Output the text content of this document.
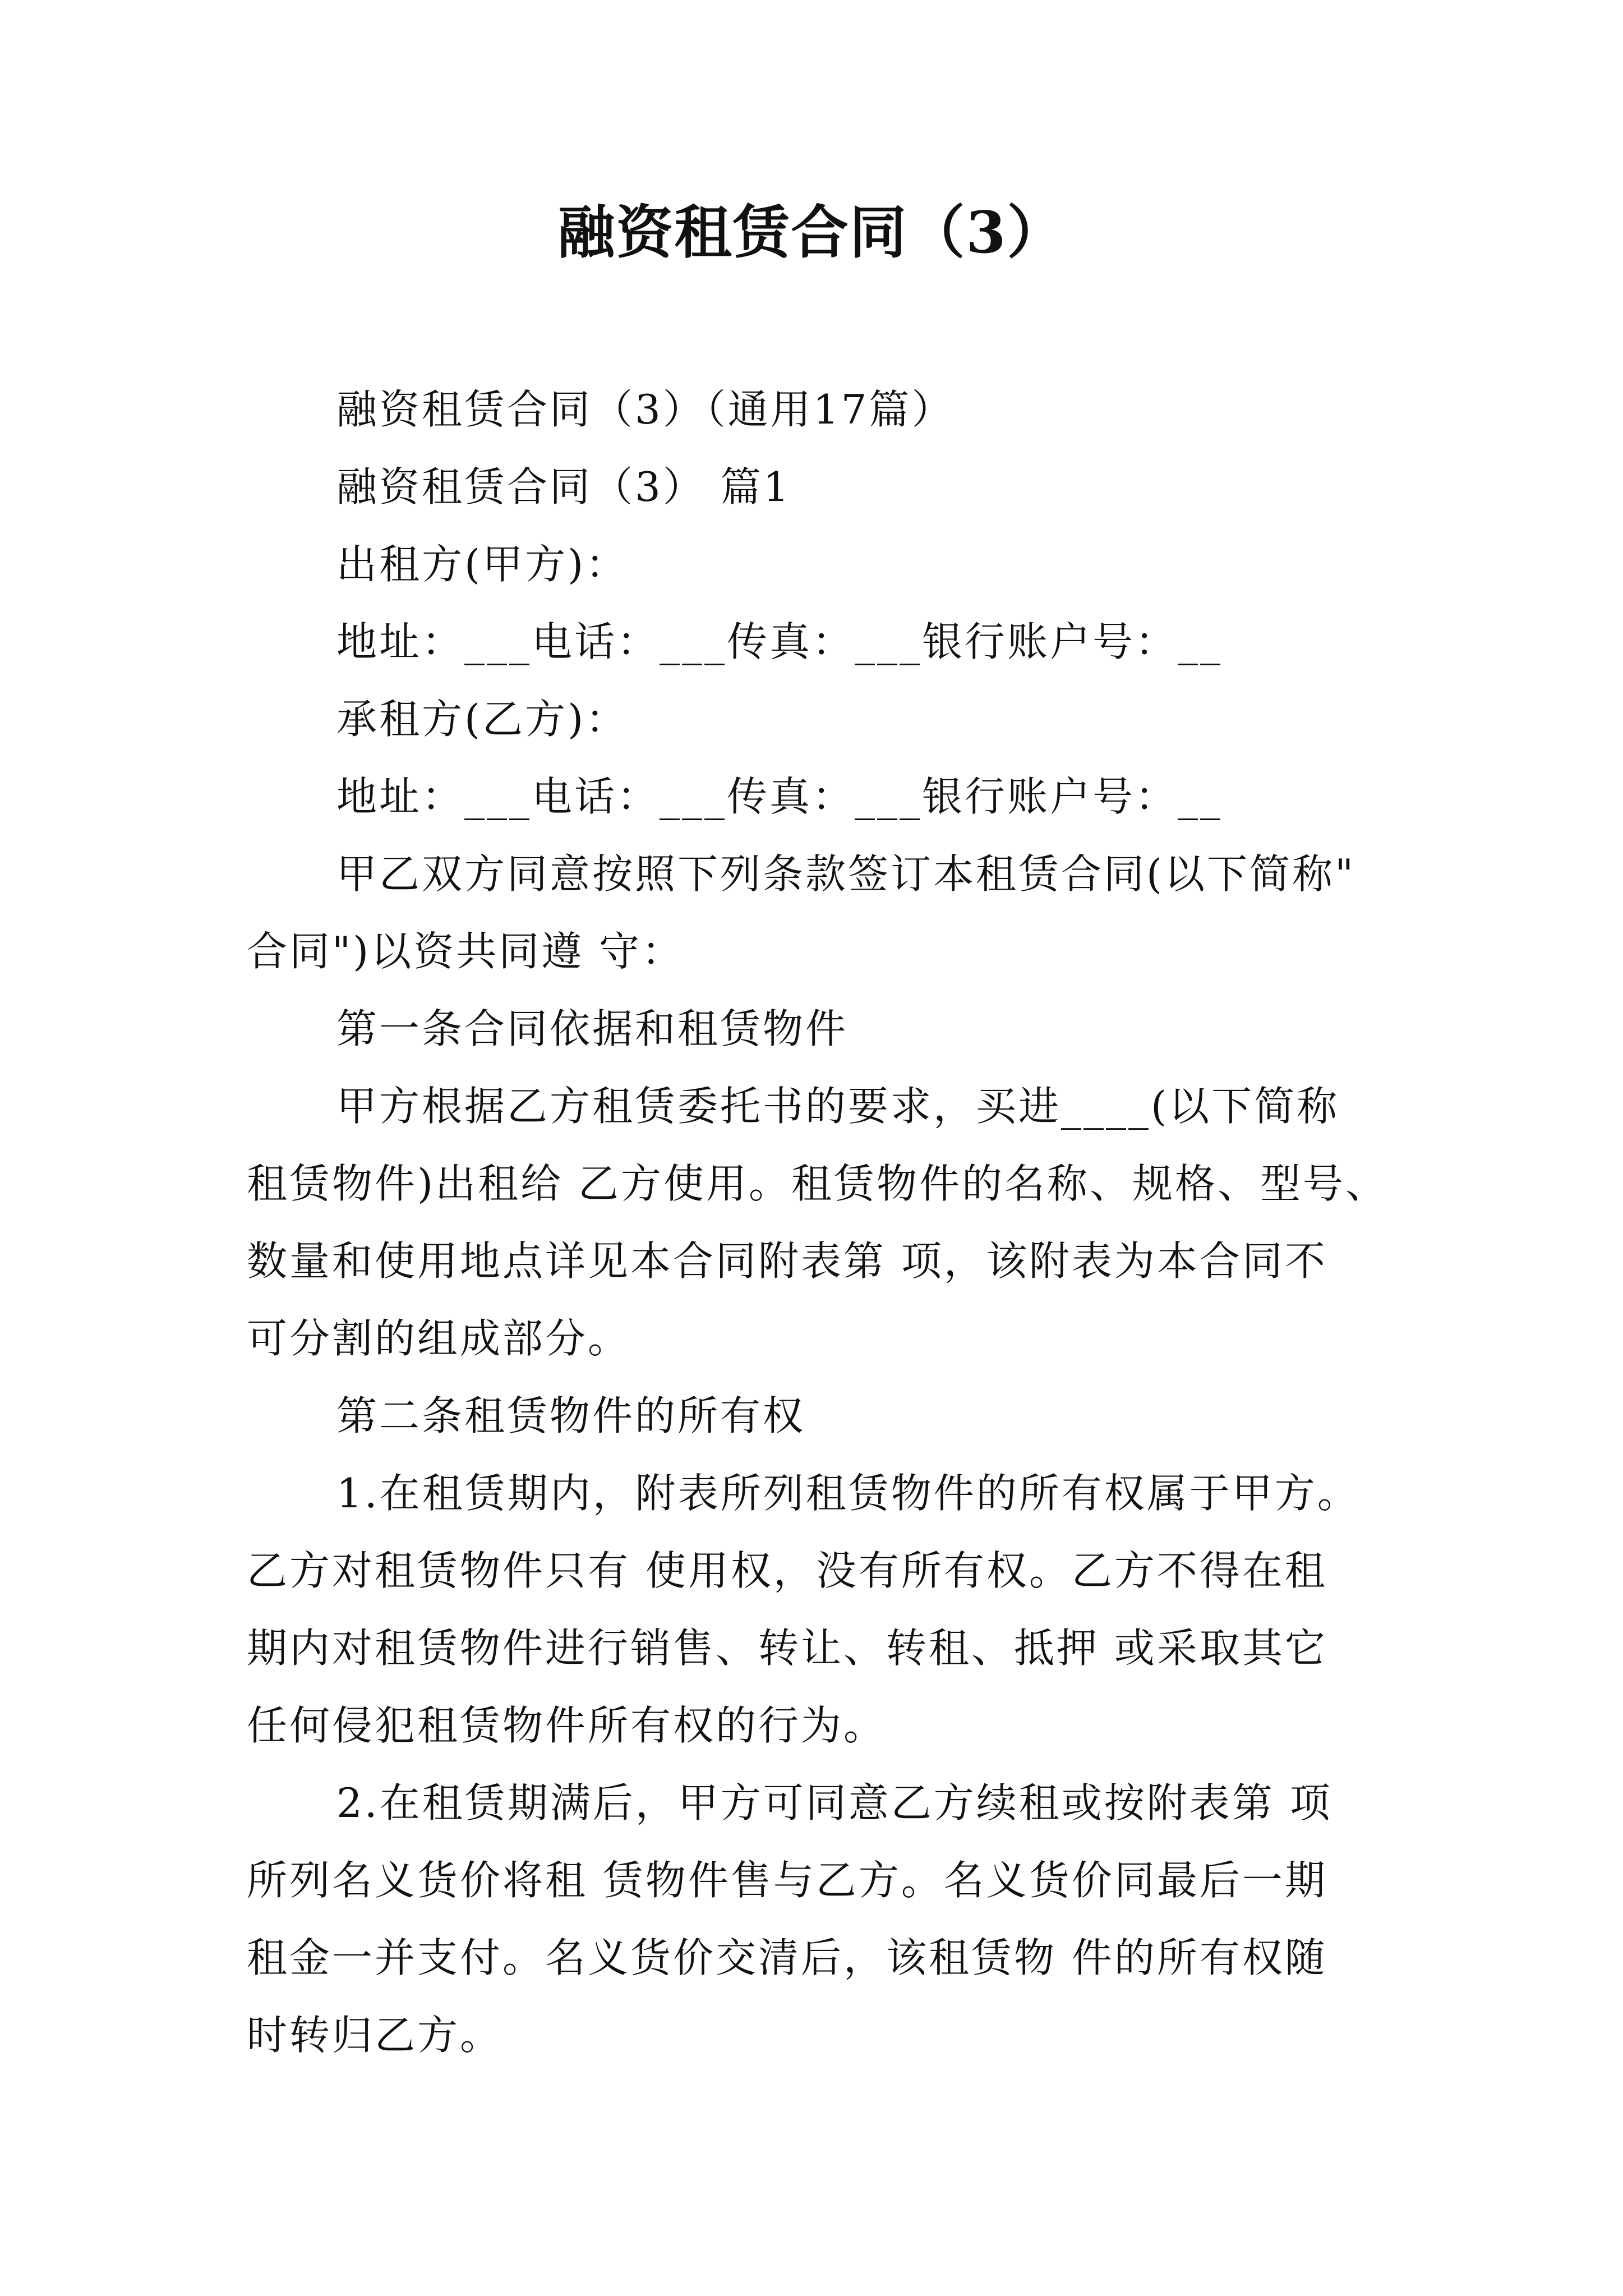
融资租赁合同（3）
融资租赁合同（3）（通用17篇）
融资租赁合同（3） 篇1
出租方(甲方)：
地址：___电话：___传真：___银行账户号：__
承租方(乙方)：
地址：___电话：___传真：___银行账户号：__
甲乙双方同意按照下列条款签订本租赁合同(以下简称"
合同")以资共同遵 守：
第一条合同依据和租赁物件
甲方根据乙方租赁委托书的要求，买进____(以下简称
租赁物件)出租给 乙方使用。租赁物件的名称、规格、型号、
数量和使用地点详见本合同附表第 项，该附表为本合同不
可分割的组成部分。
第二条租赁物件的所有权
1.在租赁期内，附表所列租赁物件的所有权属于甲方。
乙方对租赁物件只有 使用权，没有所有权。乙方不得在租
期内对租赁物件进行销售、转让、转租、抵押 或采取其它
任何侵犯租赁物件所有权的行为。
2.在租赁期满后，甲方可同意乙方续租或按附表第 项
所列名义货价将租 赁物件售与乙方。名义货价同最后一期
租金一并支付。名义货价交清后，该租赁物 件的所有权随
时转归乙方。
